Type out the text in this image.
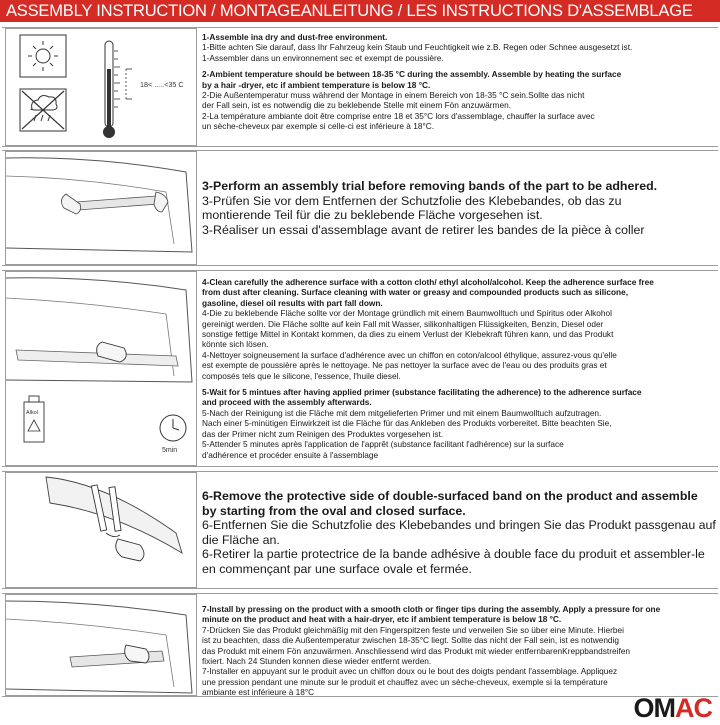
ASSEMBLY INSTRUCTION / MONTAGEANLEITUNG / LES INSTRUCTIONS D'ASSEMBLAGE
18< .....<35 C
1-Assemble ina dry and dust-free environment.
1-Bitte achten Sie darauf, dass Ihr Fahrzeug kein Staub und Feuchtigkeit wie z.B. Regen oder Schnee ausgesetzt ist.
1-Assembler dans un environnement sec et exempt de poussière.
2-Ambient temperature should be between 18-35 °C during the assembly. Assemble by heating the surface
by a hair -dryer, etc if ambient temperature is below 18 °C.
2-Die Außentemperatur muss während der Montage in einem Bereich von 18-35 °C sein.Sollte das nicht
der Fall sein, ist es notwendig die zu beklebende Stelle mit einem Fön anzuwärmen.
2-La température ambiante doit être comprise entre 18 et 35°C lors d'assemblage, chauffer la surface avec
un sèche-cheveux par exemple si celle-ci est inférieure à 18°C.
3-Perform an assembly trial before removing bands of the part to be adhered.
3-Prüfen Sie vor dem Entfernen der Schutzfolie des Klebebandes, ob das zu
montierende Teil für die zu beklebende Fläche vorgesehen ist.
3-Réaliser un essai d'assemblage avant de retirer les bandes de la pièce à coller
Alkol
5min
4-Clean carefully the adherence surface with a cotton cloth/ ethyl alcohol/alcohol. Keep the adherence surface free
from dust after cleaning. Surface cleaning with water or greasy and compounded products such as silicone,
gasoline, diesel oil results with part fall down.
4-Die zu beklebende Fläche sollte vor der Montage gründlich mit einem Baumwolltuch und Spiritus oder Alkohol
gereinigt werden. Die Fläche sollte auf kein Fall mit Wasser, silikonhaltigen Flüssigkeiten, Benzin, Diesel oder
sonstige fettige Mittel in Kontakt kommen, da dies zu einem Verlust der Klebekraft führen kann, und das Produkt
könnte sich lösen.
4-Nettoyer soigneusement la surface d'adhérence avec un chiffon en coton/alcool éthylique, assurez-vous qu'elle
est exempte de poussière après le nettoyage. Ne pas nettoyer la surface avec de l'eau ou des produits gras et
composés tels que le silicone, l'essence, l'huile diesel.
5-Wait for 5 mintues after having applied primer (substance facilitating the adherence) to the adherence surface
and proceed with the assembly afterwards.
5-Nach der Reinigung ist die Fläche mit dem mitgelieferten Primer und mit einem Baumwolltuch aufzutragen.
Nach einer 5-minütigen Einwirkzeit ist die Fläche für das Ankleben des Produkts vorbereitet. Bitte beachten Sie,
das der Primer nicht zum Reinigen des Produktes vorgesehen ist.
5-Attender 5 minutes après l'application de l'apprêt (substance facilitant l'adhérence) sur la surface
d'adhérence et procéder ensuite à l'assemblage
6-Remove the protective side of double-surfaced band on the product and assemble
by starting from the oval and closed surface.
6-Entfernen Sie die Schutzfolie des Klebebandes und bringen Sie das Produkt passgenau auf
die Fläche an.
6-Retirer la partie protectrice de la bande adhésive à double face du produit et assembler-le
en commençant par une surface ovale et fermée.
7-Install by pressing on the product with a smooth cloth or finger tips during the assembly. Apply a pressure for one
minute on the product and heat with a hair-dryer, etc if ambient temperature is below 18 °C.
7-Drücken Sie das Produkt gleichmäßig mit den Fingerspitzen feste und verweilen Sie so über eine Minute. Hierbei
ist zu beachten, dass die Außentemperatur zwischen 18-35°C liegt. Sollte das nicht der Fall sein, ist es notwendig
das Produkt mit einem Fön anzuwärmen. Anschliessend wird das Produkt mit wieder entfernbarenKreppbandstreifen
fixiert. Nach 24 Stunden konnen diese wieder entfernt werden.
7-Installer en appuyant sur le produit avec un chiffon doux ou le bout des doigts pendant l'assemblage. Appliquez
une pression pendant une minute sur le produit et chauffez avec un sèche-cheveux, exemple si la température
ambiante est inférieure à 18°C
OM AC
